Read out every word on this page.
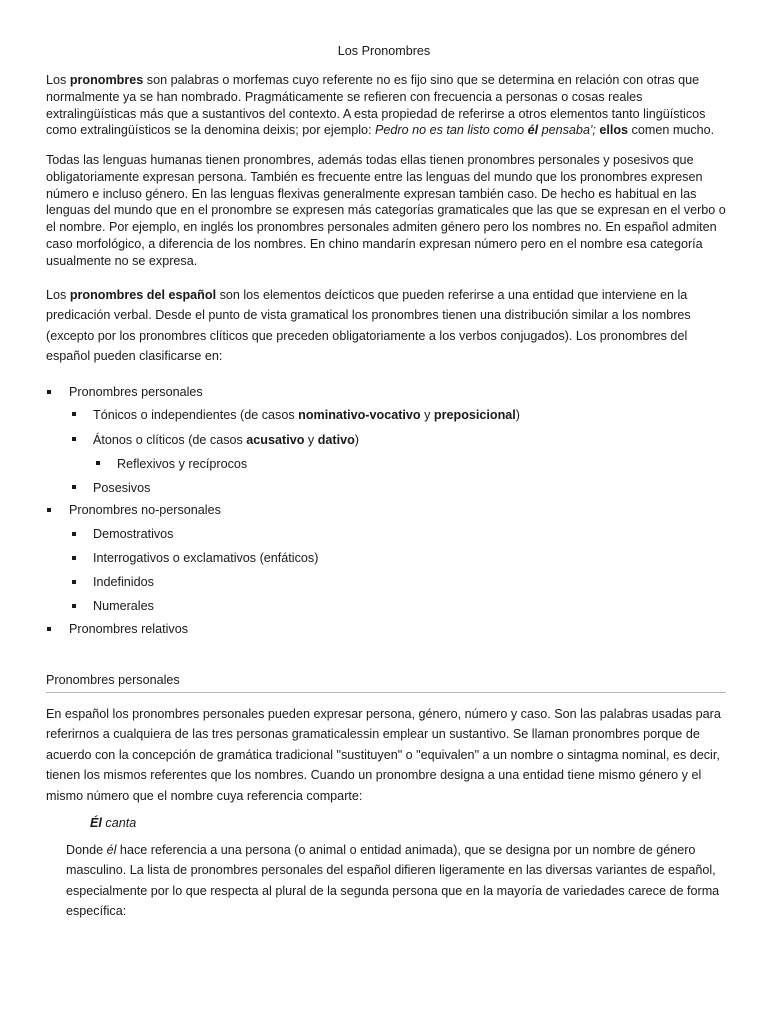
Los Pronombres

Los pronombres son palabras o morfemas cuyo referente no es fijo sino que se determina en relación con otras que normalmente ya se han nombrado. Pragmáticamente se refieren con frecuencia a personas o cosas reales extralingüísticas más que a sustantivos del contexto. A esta propiedad de referirse a otros elementos tanto lingüísticos como extralingüísticos se la denomina deixis; por ejemplo: Pedro no es tan listo como él pensaba'; ellos comen mucho.

Todas las lenguas humanas tienen pronombres, además todas ellas tienen pronombres personales y posesivos que obligatoriamente expresan persona. También es frecuente entre las lenguas del mundo que los pronombres expresen número e incluso género. En las lenguas flexivas generalmente expresan también caso. De hecho es habitual en las lenguas del mundo que en el pronombre se expresen más categorías gramaticales que las que se expresan en el verbo o el nombre. Por ejemplo, en inglés los pronombres personales admiten género pero los nombres no. En español admiten caso morfológico, a diferencia de los nombres. En chino mandarín expresan número pero en el nombre esa categoría usualmente no se expresa.

Los pronombres del español son los elementos deícticos que pueden referirse a una entidad que interviene en la predicación verbal. Desde el punto de vista gramatical los pronombres tienen una distribución similar a los nombres (excepto por los pronombres clíticos que preceden obligatoriamente a los verbos conjugados). Los pronombres del español pueden clasificarse en:

Pronombres personales
Tónicos o independientes (de casos nominativo-vocativo y preposicional)
Átonos o clíticos (de casos acusativo y dativo)
Reflexivos y recíprocos
Posesivos
Pronombres no-personales
Demostrativos
Interrogativos o exclamativos (enfáticos)
Indefinidos
Numerales
Pronombres relativos
Pronombres personales

En español los pronombres personales pueden expresar persona, género, número y caso. Son las palabras usadas para referirnos a cualquiera de las tres personas gramaticalessin emplear un sustantivo. Se llaman pronombres porque de acuerdo con la concepción de gramática tradicional "sustituyen" o "equivalen" a un nombre o sintagma nominal, es decir, tienen los mismos referentes que los nombres. Cuando un pronombre designa a una entidad tiene mismo género y el mismo número que el nombre cuya referencia comparte:

Él canta

Donde él hace referencia a una persona (o animal o entidad animada), que se designa por un nombre de género masculino. La lista de pronombres personales del español difieren ligeramente en las diversas variantes de español, especialmente por lo que respecta al plural de la segunda persona que en la mayoría de variedades carece de forma específica:
